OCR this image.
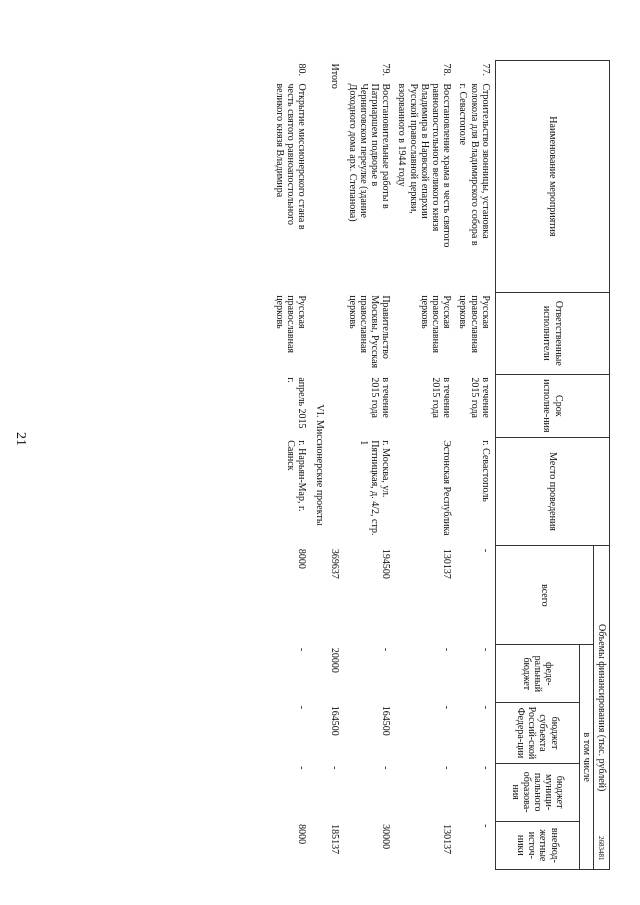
21
2683481
Наименование мероприятия	Ответственные исполнители	Срок исполне-ния	Место проведения	Объемы финансирования (тыс. рублей)				
				всего	в том числе			
					феде-ральный бюджет	бюджет субъекта Россий-ской Федера-ции	бюджет муници-пального образова-ния	внебюд-жетные источ-ники

77.Строительство звонницы, установка колокола для Владимирского собора в г. Севастополе	Русская православная церковь	в течение 2015 года	г. Севастополь	-	-	-	-	-

78.Восстановление храма в честь святого равноапостольного великого князя Владимира в Нарвской епархии Русской православной церкви, взорванного в 1944 году	Русская православная церковь	в течение 2015 года	Эстонская Республика	130137	-	-	-	130137

79.Восстановительные работы в Патриаршем подворье в Черниговском переулке (здание Доходного дома арх. Степанова)	Правительство Москвы, Русская православная церковь	в течение 2015 года	г. Москва, ул. Пятницкая, д. 4/2, стр. 1	194500	-	164500	-	30000
Итого				369637	20000	164500	-	185137
VI. Миссионерские проекты								
80.Открытие миссионерского стана в честь святого равноапостольного великого князя Владимира	Русская православная церковь	апрель 2015 г.	г. Нарьян-Мар, г. Саянск	8000	-	-	-	8000
